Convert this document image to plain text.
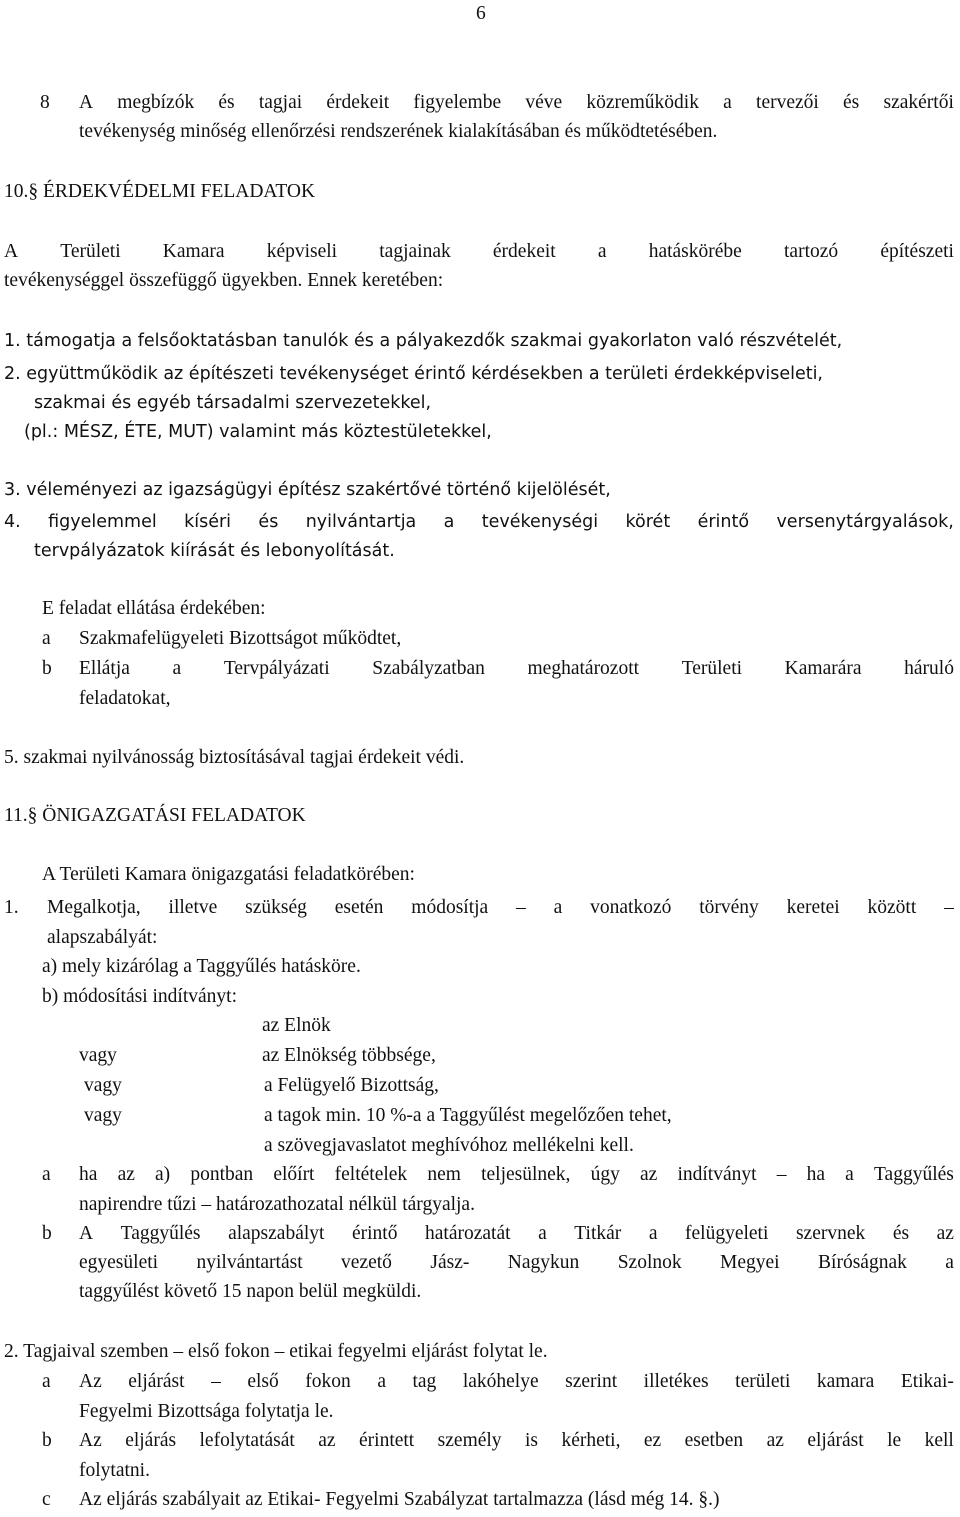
6
8 A megbízók és tagjai érdekeit figyelembe véve közreműködik a tervezői és szakértői
tevékenység minőség ellenőrzési rendszerének kialakításában és működtetésében.
10.§ ÉRDEKVÉDELMI FELADATOK
A Területi Kamara képviseli tagjainak érdekeit a hatáskörébe tartozó építészeti
tevékenységgel összefüggő ügyekben. Ennek keretében:
1. támogatja a felsőoktatásban tanulók és a pályakezdők szakmai gyakorlaton való részvételét,
2. együttműködik az építészeti tevékenységet érintő kérdésekben a területi érdekképviseleti,
szakmai és egyéb társadalmi szervezetekkel,
(pl.: MÉSZ, ÉTE, MUT) valamint más köztestületekkel,
3. véleményezi az igazságügyi építész szakértővé történő kijelölését,
4. figyelemmel kíséri és nyilvántartja a tevékenységi körét érintő versenytárgyalások,
tervpályázatok kiírását és lebonyolítását.
E feladat ellátása érdekében:
a Szakmafelügyeleti Bizottságot működtet,
b Ellátja a Tervpályázati Szabályzatban meghatározott Területi Kamarára háruló
feladatokat,
5. szakmai nyilvánosság biztosításával tagjai érdekeit védi.
11.§ ÖNIGAZGATÁSI FELADATOK
A Területi Kamara önigazgatási feladatkörében:
1. Megalkotja, illetve szükség esetén módosítja – a vonatkozó törvény keretei között –
alapszabályát:
a) mely kizárólag a Taggyűlés hatásköre.
b) módosítási indítványt:
az Elnök
vagy	az Elnökség többsége,
vagy	a Felügyelő Bizottság,
vagy	a tagok min. 10 %-a a Taggyűlést megelőzően tehet,
a szövegjavaslatot meghívóhoz mellékelni kell.
a ha az a) pontban előírt feltételek nem teljesülnek, úgy az indítványt – ha a Taggyűlés
napirendre tűzi – határozathozatal nélkül tárgyalja.
b A Taggyűlés alapszabályt érintő határozatát a Titkár a felügyeleti szervnek és az
egyesületi nyilvántartást vezető Jász- Nagykun Szolnok Megyei Bíróságnak a
taggyűlést követő 15 napon belül megküldi.
2. Tagjaival szemben – első fokon – etikai fegyelmi eljárást folytat le.
a Az eljárást – első fokon a tag lakóhelye szerint illetékes területi kamara Etikai-
Fegyelmi Bizottsága folytatja le.
b Az eljárás lefolytatását az érintett személy is kérheti, ez esetben az eljárást le kell
folytatni.
c Az eljárás szabályait az Etikai- Fegyelmi Szabályzat tartalmazza (lásd még 14. §.)
